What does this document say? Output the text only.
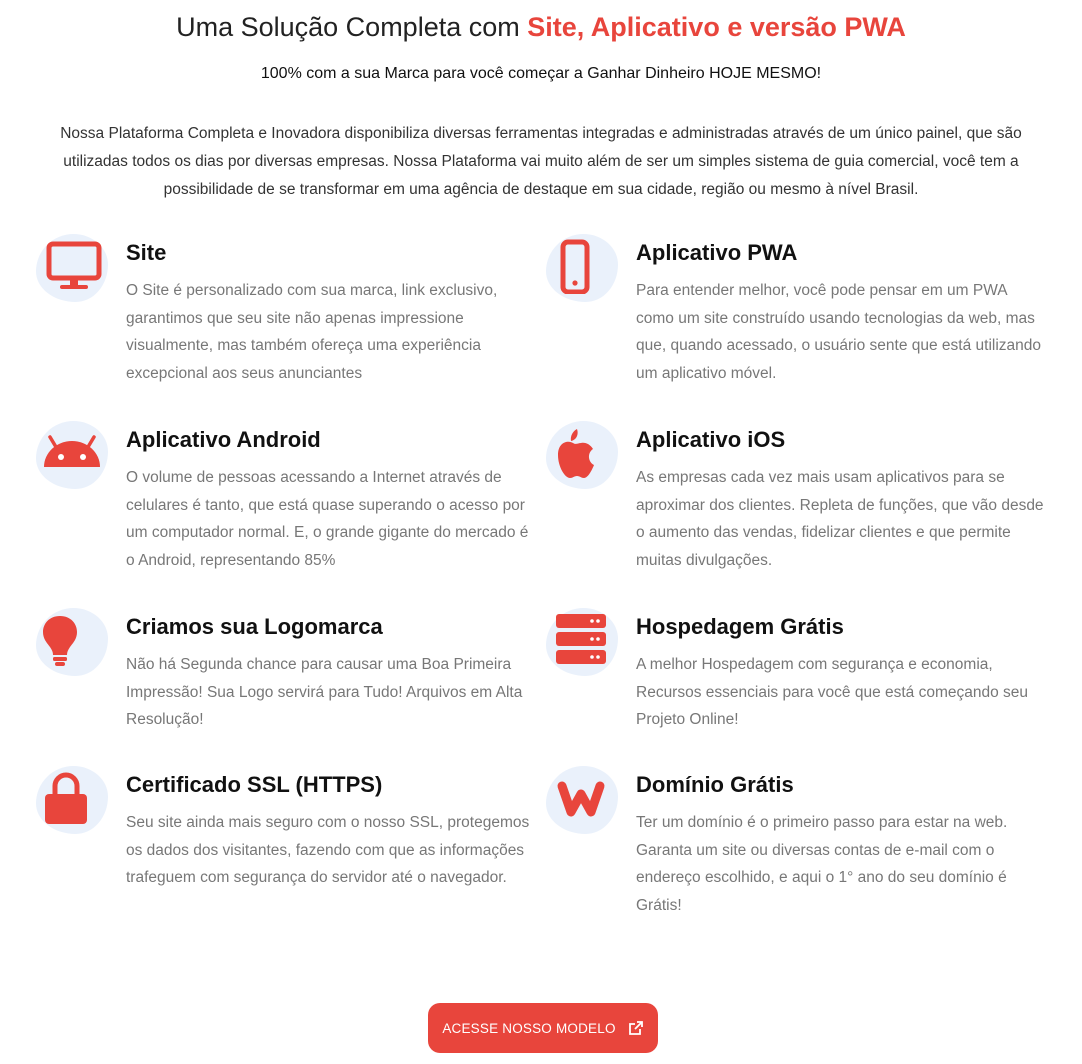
Uma Solução Completa com Site, Aplicativo e versão PWA

100% com a sua Marca para você começar a Ganhar Dinheiro HOJE MESMO!

Nossa Plataforma Completa e Inovadora disponibiliza diversas ferramentas integradas e administradas através de um único painel, que são utilizadas todos os dias por diversas empresas. Nossa Plataforma vai muito além de ser um simples sistema de guia comercial, você tem a possibilidade de se transformar em uma agência de destaque em sua cidade, região ou mesmo à nível Brasil.

Site

O Site é personalizado com sua marca, link exclusivo, garantimos que seu site não apenas impressione visualmente, mas também ofereça uma experiência excepcional aos seus anunciantes

Aplicativo PWA

Para entender melhor, você pode pensar em um PWA como um site construído usando tecnologias da web, mas que, quando acessado, o usuário sente que está utilizando um aplicativo móvel.

Aplicativo Android

O volume de pessoas acessando a Internet através de celulares é tanto, que está quase superando o acesso por um computador normal. E, o grande gigante do mercado é o Android, representando 85%

Aplicativo iOS

As empresas cada vez mais usam aplicativos para se aproximar dos clientes. Repleta de funções, que vão desde o aumento das vendas, fidelizar clientes e que permite muitas divulgações.

Criamos sua Logomarca

Não há Segunda chance para causar uma Boa Primeira Impressão! Sua Logo servirá para Tudo! Arquivos em Alta Resolução!

Hospedagem Grátis

A melhor Hospedagem com segurança e economia, Recursos essenciais para você que está começando seu Projeto Online!

Certificado SSL (HTTPS)

Seu site ainda mais seguro com o nosso SSL, protegemos os dados dos visitantes, fazendo com que as informações trafeguem com segurança do servidor até o navegador.

Domínio Grátis

Ter um domínio é o primeiro passo para estar na web. Garanta um site ou diversas contas de e-mail com o endereço escolhido, e aqui o 1° ano do seu domínio é Grátis!

ACESSE NOSSO MODELO
